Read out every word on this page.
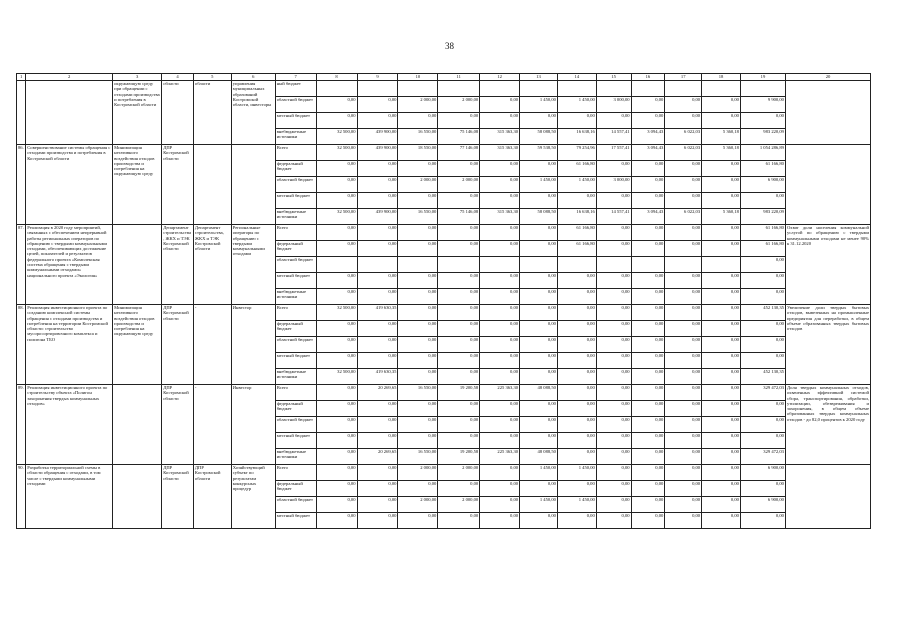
38
1	2	3	4	5	6	7	8	9	10	11	12	13	14	15	16	17	18	19	20
		окружающую среду при обращении с отходами производства и потребления в Костромской области	области	области	управления муниципальных образований Костромской области, инвесторы	ный бюджет													
						областной бюджет	0,00	0,00	2 000,00	2 000,00	0,00	1 450,00	1 450,00	3 000,00	0,00	0,00	0,00	9 900,00	
						местный бюджет	0,00	0,00	0,00	0,00	0,00	0,00	0,00	0,00	0,00	0,00	0,00	0,00	
						внебюджетные источники	32 500,00	439 900,00	16 550,00	75 146,08	315 363,30	58 088,50	16 638,16	14 557,41	3 094,43	6 022,03	5 360,18	983 220,09	
86.	Совершенствование системы обращения с отходами производства и потребления в Костромской области	Минимизация негативного воздействия отходов производства и потребления на окружающую среду	ДПР Костромской области			Всего	32 500,00	439 900,00	18 550,00	77 146,08	315 363,30	59 538,50	79 254,96	17 557,41	3 094,43	6 022,03	5 360,18	1 054 286,89	
						федеральный бюджет	0,00	0,00	0,00	0,00	0,00	0,00	61 166,80	0,00	0,00	0,00	0,00	61 166,80	
						областной бюджет	0,00	0,00	2 000,00	2 000,00	0,00	1 450,00	1 450,00	3 000,00	0,00	0,00	0,00	6 900,00	
						местный бюджет	0,00	0,00	0,00	0,00	0,00	0,00	0,00	0,00	0,00	0,00	0,00	0,00	
						внебюджетные источники	32 500,00	439 900,00	16 550,00	75 146,08	315 363,30	58 088,50	16 638,16	14 557,41	3 094,43	6 022,03	5 360,18	983 220,09	
87.	Реализация в 2020 году мероприятий, связанных с обеспечением непрерывной работы региональных операторов по обращению с твердыми коммунальными отходами, обеспечивающих достижение целей, показателей и результатов федерального проекта «Комплексная система обращения с твердыми коммунальными отходами» национального проекта «Экология»		Департамент строительства, ЖКХ и ТЭК Костромской области	Департамент строительства, ЖКХ и ТЭК Костромской области	Региональные операторы по обращению с твердыми коммунальными отходами	Всего	0,00	0,00	0,00	0,00	0,00	0,00	61 166,80	0,00	0,00	0,00	0,00	61 166,80	Охват доли населения коммунальной услугой по обращению с твердыми коммунальными отходами не менее 90% к 31.12.2020
						федеральный бюджет	0,00	0,00	0,00	0,00	0,00	0,00	61 166,80	0,00	0,00	0,00	0,00	61 166,80	
						областной бюджет												0,00	
						местный бюджет	0,00	0,00	0,00	0,00	0,00	0,00	0,00	0,00	0,00	0,00	0,00	0,00	
						внебюджетные источники	0,00	0,00	0,00	0,00	0,00	0,00	0,00	0,00	0,00	0,00	0,00	0,00	
88.	Реализация инвестиционного проекта по созданию комплексной системы обращения с отходами производства и потребления на территории Костромской области: строительство мусоросортировочного комплекса и полигона ТБО	Минимизация негативного воздействия отходов производства и потребления на окружающую среду	ДПР Костромской области	-	Инвестор	Всего	32 500,00	419 630,35	0,00	0,00	0,00	0,00	0,00	0,00	0,00	0,00	0,00	452 130,35	Увеличение доли твердых бытовых отходов, вывезенных на промышленные предприятия для переработки, в общем объеме образованных твердых бытовых отходов
						федеральный бюджет	0,00	0,00	0,00	0,00	0,00	0,00	0,00	0,00	0,00	0,00	0,00	0,00	
						областной бюджет	0,00	0,00	0,00	0,00	0,00	0,00	0,00	0,00	0,00	0,00	0,00	0,00	
						местный бюджет	0,00	0,00	0,00	0,00	0,00	0,00	0,00	0,00	0,00	0,00	0,00	0,00	
						внебюджетные источники	32 500,00	419 630,35	0,00	0,00	0,00	0,00	0,00	0,00	0,00	0,00	0,00	452 130,35	
89.	Реализация инвестиционного проекта по строительству объекта «Полигон захоронения твердых коммунальных отходов»		ДПР Костромской области	-	Инвестор	Всего	0,00	20 269,65	16 550,00	19 200,58	225 363,30	48 088,50	0,00	0,00	0,00	0,00	0,00	329 472,03	Доля твердых коммунальных отходов, охваченных эффективной системой сбора, транспортирования, обработки, утилизации, обезвреживания и захоронения, в общем объеме образованных твердых коммунальных отходов - до 82,0 процентов к 2020 году
						федеральный бюджет	0,00	0,00	0,00	0,00	0,00	0,00	0,00	0,00	0,00	0,00	0,00	0,00	
						областной бюджет	0,00	0,00	0,00	0,00	0,00	0,00	0,00	0,00	0,00	0,00	0,00	0,00	
						местный бюджет	0,00	0,00	0,00	0,00	0,00	0,00	0,00	0,00	0,00	0,00	0,00	0,00	
						внебюджетные источники	0,00	20 269,65	16 550,00	19 200,58	225 363,30	48 088,50	0,00	0,00	0,00	0,00	0,00	329 472,03	
90.	Разработка территориальной схемы в области обращения с отходами, в том числе с твердыми коммунальными отходами		ДПР Костромской области	ДПР Костромской области	Хозяйствующий субъект по результатам конкурсных процедур	Всего	0,00	0,00	2 000,00	2 000,00	0,00	1 450,00	1 450,00	0,00	0,00	0,00	0,00	6 900,00	
						федеральный бюджет	0,00	0,00	0,00	0,00	0,00	0,00	0,00	0,00	0,00	0,00	0,00	0,00	
						областной бюджет	0,00	0,00	2 000,00	2 000,00	0,00	1 450,00	1 450,00	0,00	0,00	0,00	0,00	6 900,00	
						местный бюджет	0,00	0,00	0,00	0,00	0,00	0,00	0,00	0,00	0,00	0,00	0,00	0,00	
